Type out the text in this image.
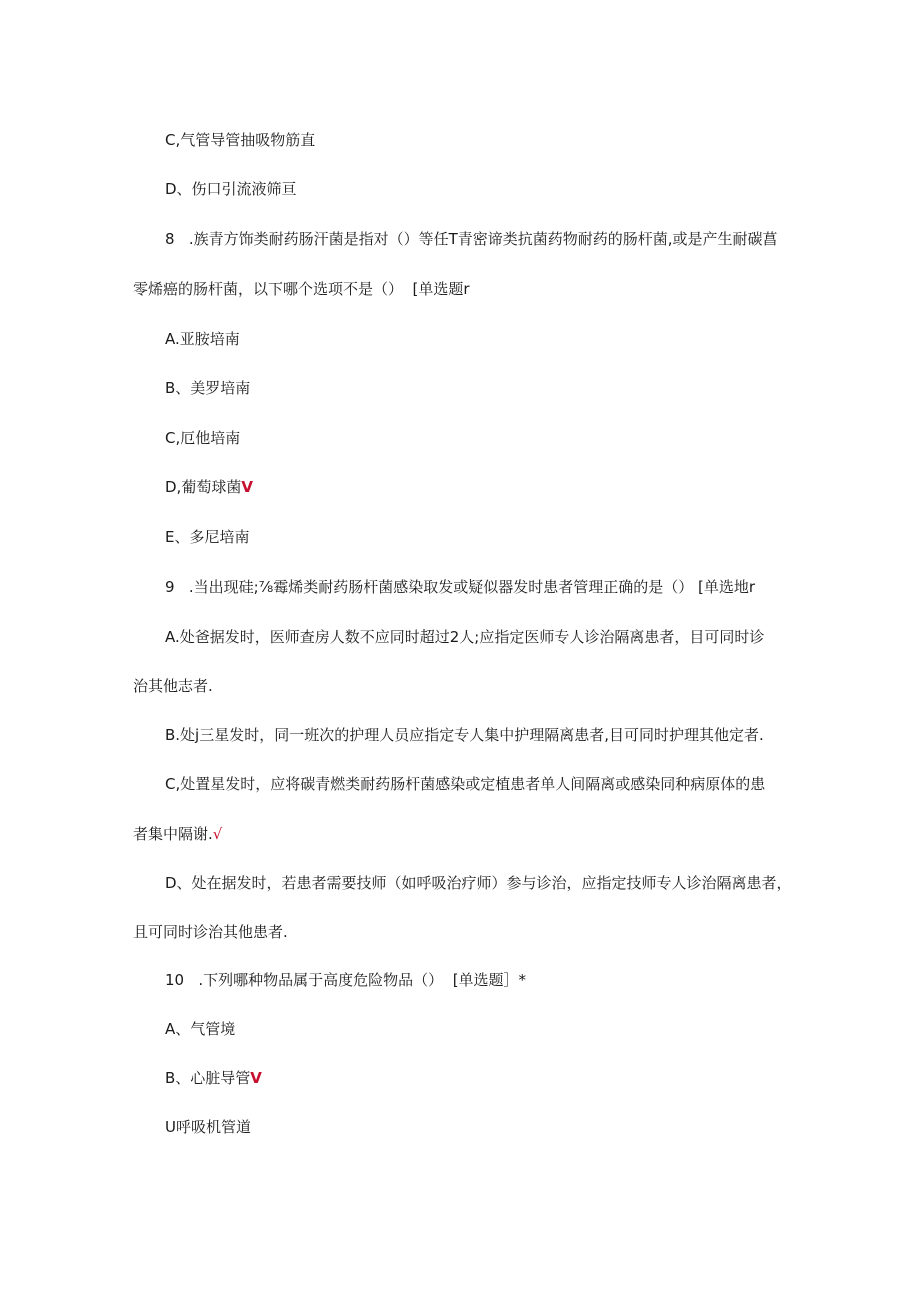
C,气管导管抽吸物筋直
D、伤口引流液筛亘
8   .族青方饰类耐药肠汗菌是指对（）等任T青密谛类抗菌药物耐药的肠杆菌,或是产生耐碳菖
零烯癌的肠杆菌，以下哪个选项不是（）  [单选题r
A.亚胺培南
B、美罗培南
C,厄他培南
D,葡萄球菌V
E、多尼培南
9   .当出现硅;⅞霉烯类耐药肠杆菌感染取发或疑似器发时患者管理正确的是（） [单选地r
A.处爸据发时，医师查房人数不应同时超过2人;应指定医师专人诊治隔离患者，目可同时诊
治其他志者.
B.处j三星发时，同一班次的护理人员应指定专人集中护理隔离患者,目可同时护理其他定者.
C,处置星发时，应将碳青燃类耐药肠杆菌感染或定植患者单人间隔离或感染同种病原体的患
者集中隔谢.√
D、处在据发时，若患者需要技师（如呼吸治疗师）参与诊治，应指定技师专人诊治隔离患者，
且可同时诊治其他患者.
10   .下列哪种物品属于高度危险物品（）  [单选题］*
A、气管境
B、心脏导管V
U呼吸机管道
